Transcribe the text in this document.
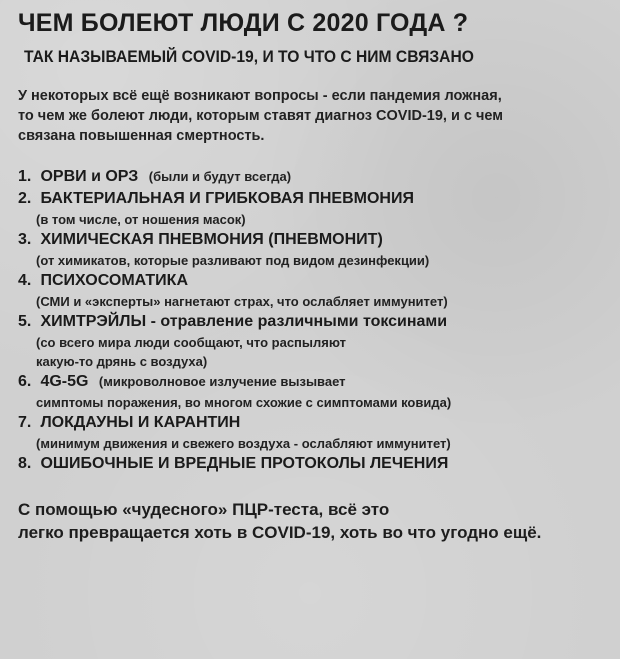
ЧЕМ БОЛЕЮТ ЛЮДИ С 2020 ГОДА ?
ТАК НАЗЫВАЕМЫЙ COVID-19, И ТО ЧТО С НИМ СВЯЗАНО
У некоторых всё ещё возникают вопросы - если пандемия ложная,
то чем же болеют люди, которым ставят диагноз COVID-19, и с чем
связана повышенная смертность.
1. ОРВИ и ОРЗ (были и будут всегда)
2. БАКТЕРИАЛЬНАЯ И ГРИБКОВАЯ ПНЕВМОНИЯ
(в том числе, от ношения масок)
3. ХИМИЧЕСКАЯ ПНЕВМОНИЯ (ПНЕВМОНИТ)
(от химикатов, которые разливают под видом дезинфекции)
4. ПСИХОСОМАТИКА
(СМИ и «эксперты» нагнетают страх, что ослабляет иммунитет)
5. ХИМТРЭЙЛЫ - отравление различными токсинами
(со всего мира люди сообщают, что распыляют
какую-то дрянь с воздуха)
6. 4G-5G (микроволновое излучение вызывает
симптомы поражения, во многом схожие с симптомами ковида)
7. ЛОКДАУНЫ И КАРАНТИН
(минимум движения и свежего воздуха - ослабляют иммунитет)
8. ОШИБОЧНЫЕ И ВРЕДНЫЕ ПРОТОКОЛЫ ЛЕЧЕНИЯ
С помощью «чудесного» ПЦР-теста, всё это
легко превращается хоть в COVID-19, хоть во что угодно ещё.
